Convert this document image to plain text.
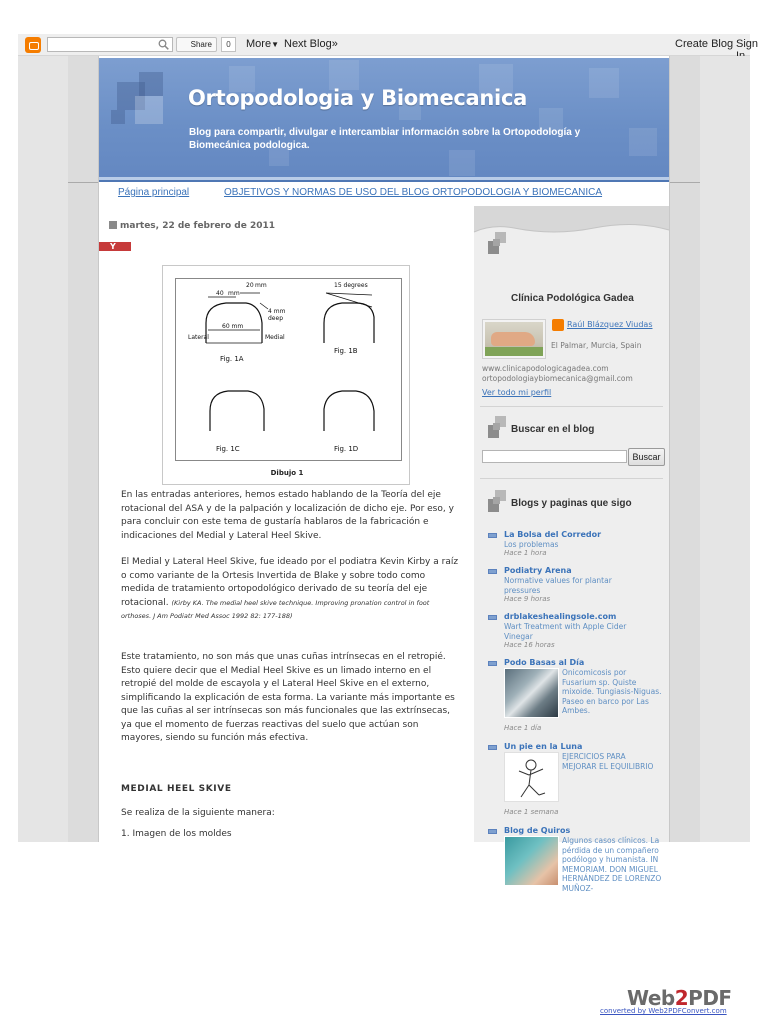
Share	0	More▼ Next Blog»	Create Blog Sign
Ortopodologia y Biomecanica
Blog para compartir, divulgar e intercambiar información sobre la Ortopodología y Biomecánica podologica.
Página principal	OBJETIVOS Y NORMAS DE USO DEL BLOG ORTOPODOLOGIA Y BIOMECANICA
martes, 22 de febrero de 2011
Y
40 mm
20 mm
4 mm
deep
60 mm
Lateral	Medial
Fig. 1A
15 degrees
Fig. 1B
Fig. 1C	Fig. 1D
Dibujo 1
En las entradas anteriores, hemos estado hablando de la Teoría del eje rotacional del ASA y de la palpación y localización de dicho eje. Por eso, y para concluir con este tema de gustaría hablaros de la fabricación e indicaciones del Medial y Lateral Heel Skive.
El Medial y Lateral Heel Skive, fue ideado por el podiatra Kevin Kirby a raíz o como variante de la Ortesis Invertida de Blake y sobre todo como medida de tratamiento ortopodológico derivado de su teoría del eje rotacional. (Kirby KA. The medial heel skive technique. Improving pronation control in foot orthoses. J Am Podiatr Med Assoc 1992 82: 177-188)
Este tratamiento, no son más que unas cuñas intrínsecas en el retropié. Esto quiere decir que el Medial Heel Skive es un limado interno en el retropié del molde de escayola y el Lateral Heel Skive en el externo, simplificando la explicación de esta forma. La variante más importante es que las cuñas al ser intrínsecas son más funcionales que las extrínsecas, ya que el momento de fuerzas reactivas del suelo que actúan son mayores, siendo su función más efectiva.
MEDIAL HEEL SKIVE
Se realiza de la siguiente manera:
1. Imagen de los moldes
Clínica Podológica Gadea
Raúl Blázquez Viudas
El Palmar, Murcia, Spain
www.clinicapodologicagadea.com
ortopodologiaybiomecanica@gmail.com
Ver todo mi perfil
Buscar en el blog
Buscar
Blogs y paginas que sigo
La Bolsa del Corredor
Los problemas
Hace 1 hora
Podiatry Arena
Normative values for plantar pressures
Hace 9 horas
drblakeshealingsole.com
Wart Treatment with Apple Cider Vinegar
Hace 16 horas
Podo Basas al Día
Onicomicosis por Fusarium sp. Quiste mixoide. Tungiasis-Niguas. Paseo en barco por Las Ambes.
Hace 1 día
Un pie en la Luna
EJERCICIOS PARA MEJORAR EL EQUILIBRIO
Hace 1 semana
Blog de Quiros
Algunos casos clínicos. La pérdida de un compañero podólogo y humanista. IN MEMORIAM. DON MIGUEL HERNÁNDEZ DE LORENZO MUÑOZ-
Web2PDF
converted by Web2PDFConvert.com
